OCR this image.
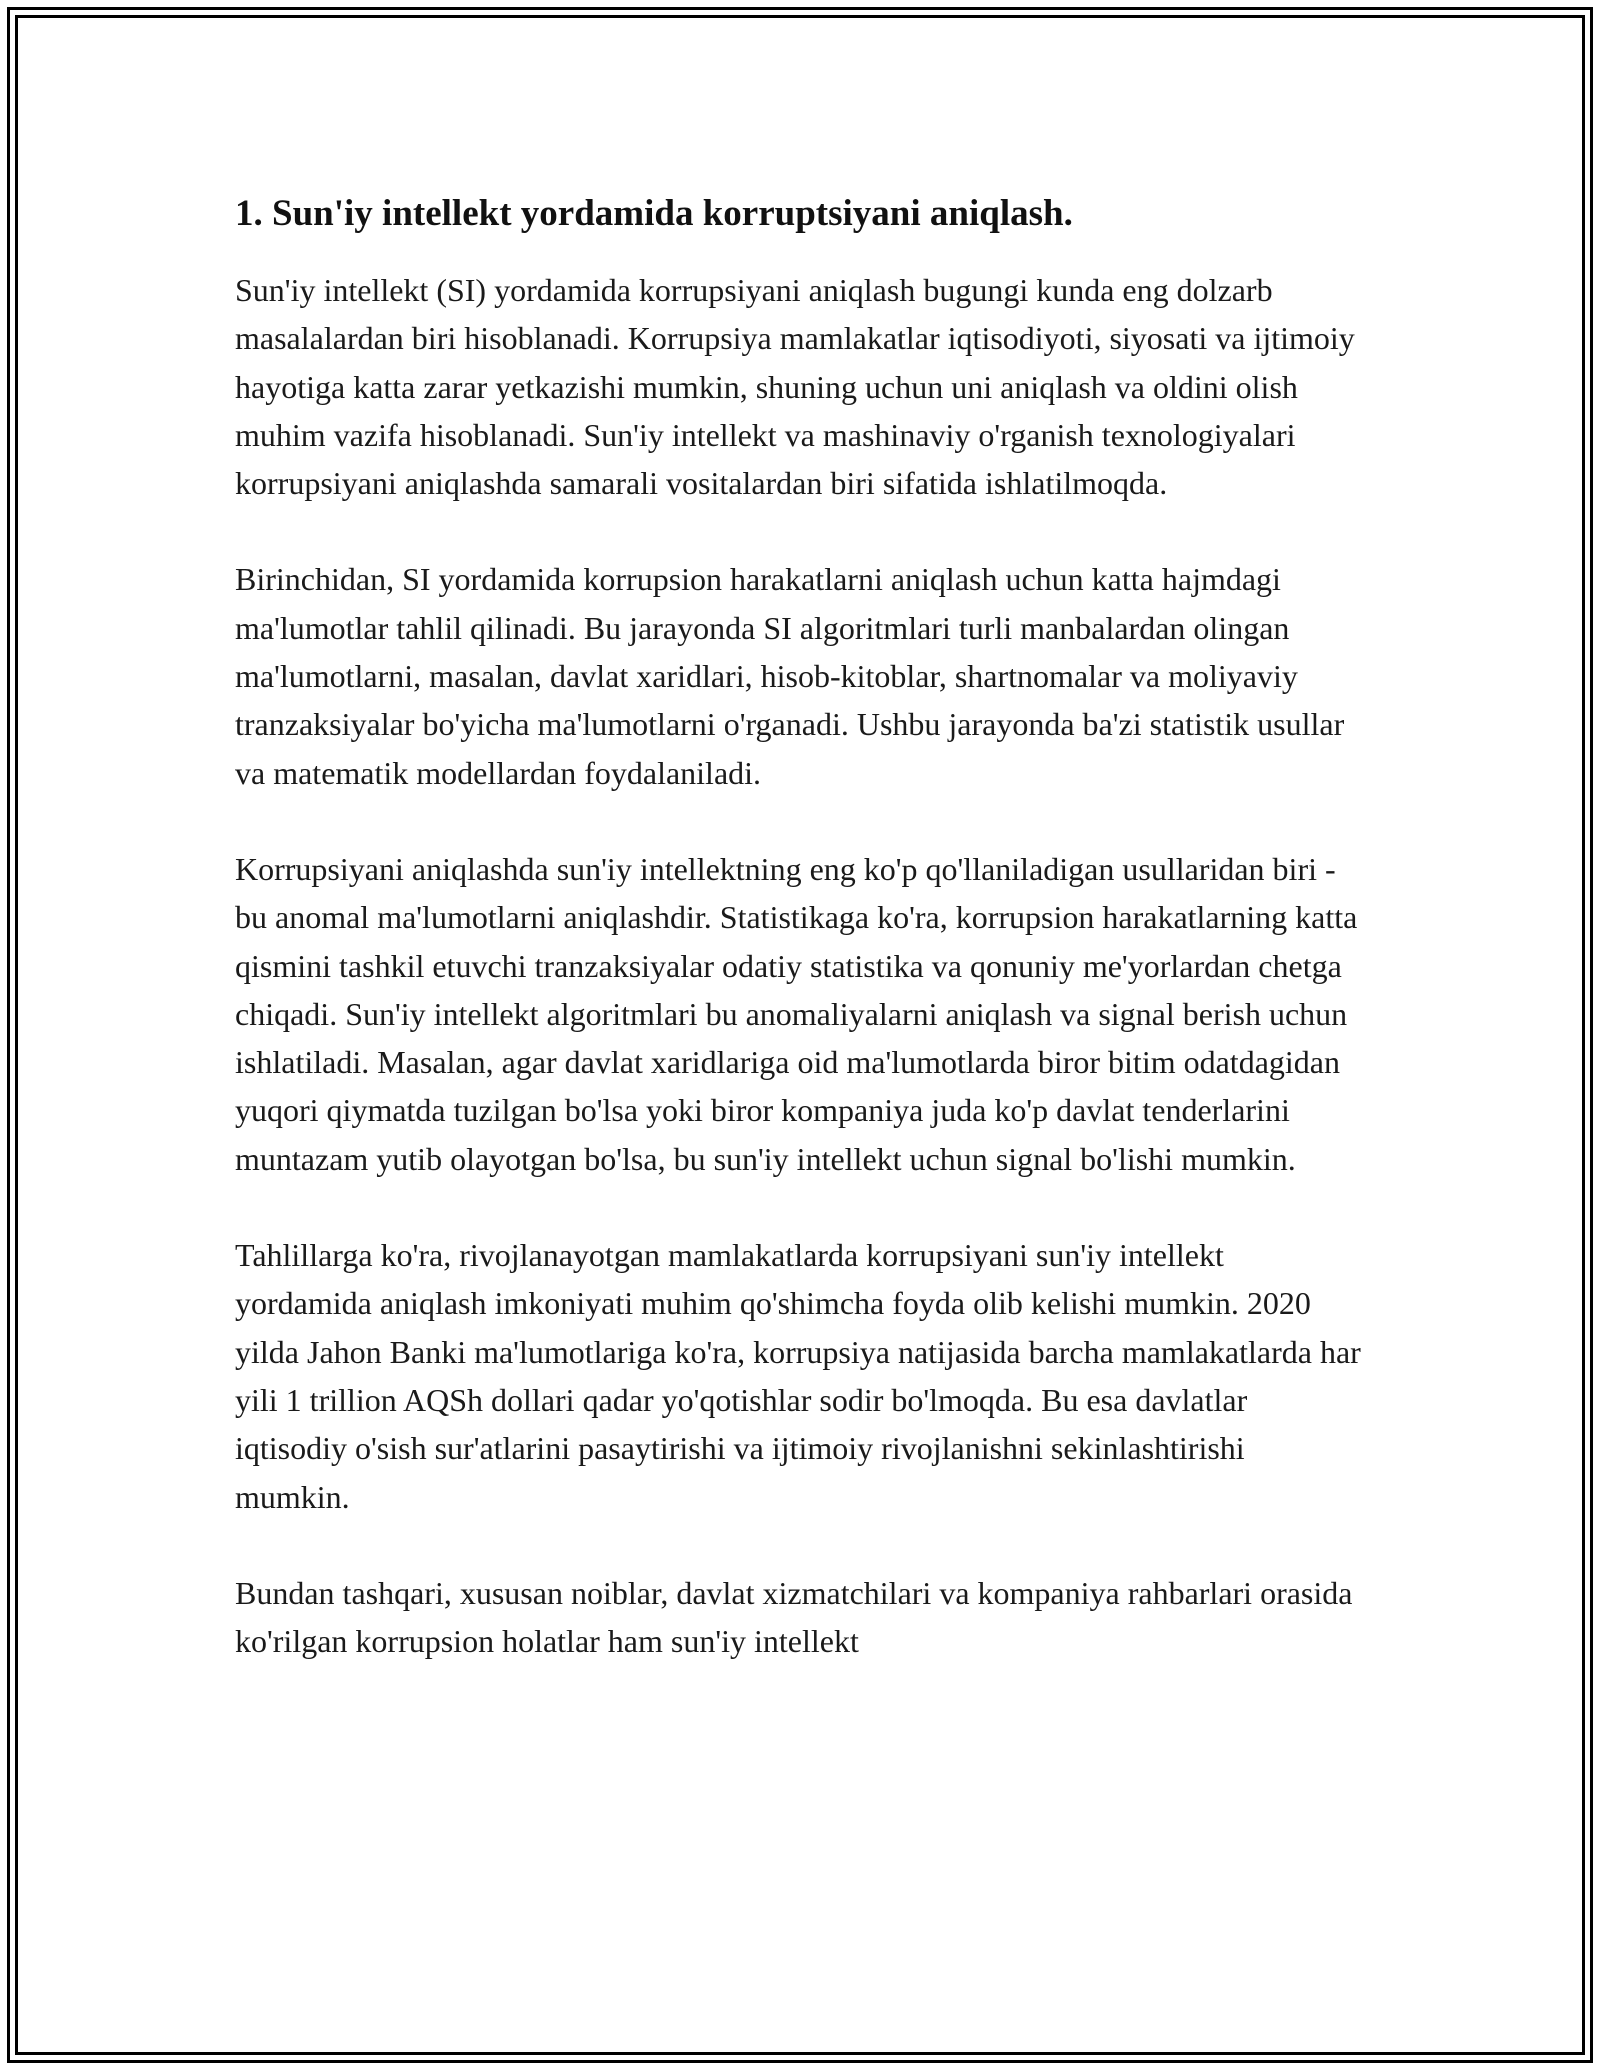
1. Sun'iy intellekt yordamida korruptsiyani aniqlash.

Sun'iy intellekt (SI) yordamida korrupsiyani aniqlash bugungi kunda eng dolzarb masalalardan biri hisoblanadi. Korrupsiya mamlakatlar iqtisodiyoti, siyosati va ijtimoiy hayotiga katta zarar yetkazishi mumkin, shuning uchun uni aniqlash va oldini olish muhim vazifa hisoblanadi. Sun'iy intellekt va mashinaviy o'rganish texnologiyalari korrupsiyani aniqlashda samarali vositalardan biri sifatida ishlatilmoqda.

Birinchidan, SI yordamida korrupsion harakatlarni aniqlash uchun katta hajmdagi ma'lumotlar tahlil qilinadi. Bu jarayonda SI algoritmlari turli manbalardan olingan ma'lumotlarni, masalan, davlat xaridlari, hisob-kitoblar, shartnomalar va moliyaviy tranzaksiyalar bo'yicha ma'lumotlarni o'rganadi. Ushbu jarayonda ba'zi statistik usullar va matematik modellardan foydalaniladi.

Korrupsiyani aniqlashda sun'iy intellektning eng ko'p qo'llaniladigan usullaridan biri - bu anomal ma'lumotlarni aniqlashdir. Statistikaga ko'ra, korrupsion harakatlarning katta qismini tashkil etuvchi tranzaksiyalar odatiy statistika va qonuniy me'yorlardan chetga chiqadi. Sun'iy intellekt algoritmlari bu anomaliyalarni aniqlash va signal berish uchun ishlatiladi. Masalan, agar davlat xaridlariga oid ma'lumotlarda biror bitim odatdagidan yuqori qiymatda tuzilgan bo'lsa yoki biror kompaniya juda ko'p davlat tenderlarini muntazam yutib olayotgan bo'lsa, bu sun'iy intellekt uchun signal bo'lishi mumkin.

Tahlillarga ko'ra, rivojlanayotgan mamlakatlarda korrupsiyani sun'iy intellekt yordamida aniqlash imkoniyati muhim qo'shimcha foyda olib kelishi mumkin. 2020 yilda Jahon Banki ma'lumotlariga ko'ra, korrupsiya natijasida barcha mamlakatlarda har yili 1 trillion AQSh dollari qadar yo'qotishlar sodir bo'lmoqda. Bu esa davlatlar iqtisodiy o'sish sur'atlarini pasaytirishi va ijtimoiy rivojlanishni sekinlashtirishi mumkin.

Bundan tashqari, xususan noiblar, davlat xizmatchilari va kompaniya rahbarlari orasida ko'rilgan korrupsion holatlar ham sun'iy intellekt
